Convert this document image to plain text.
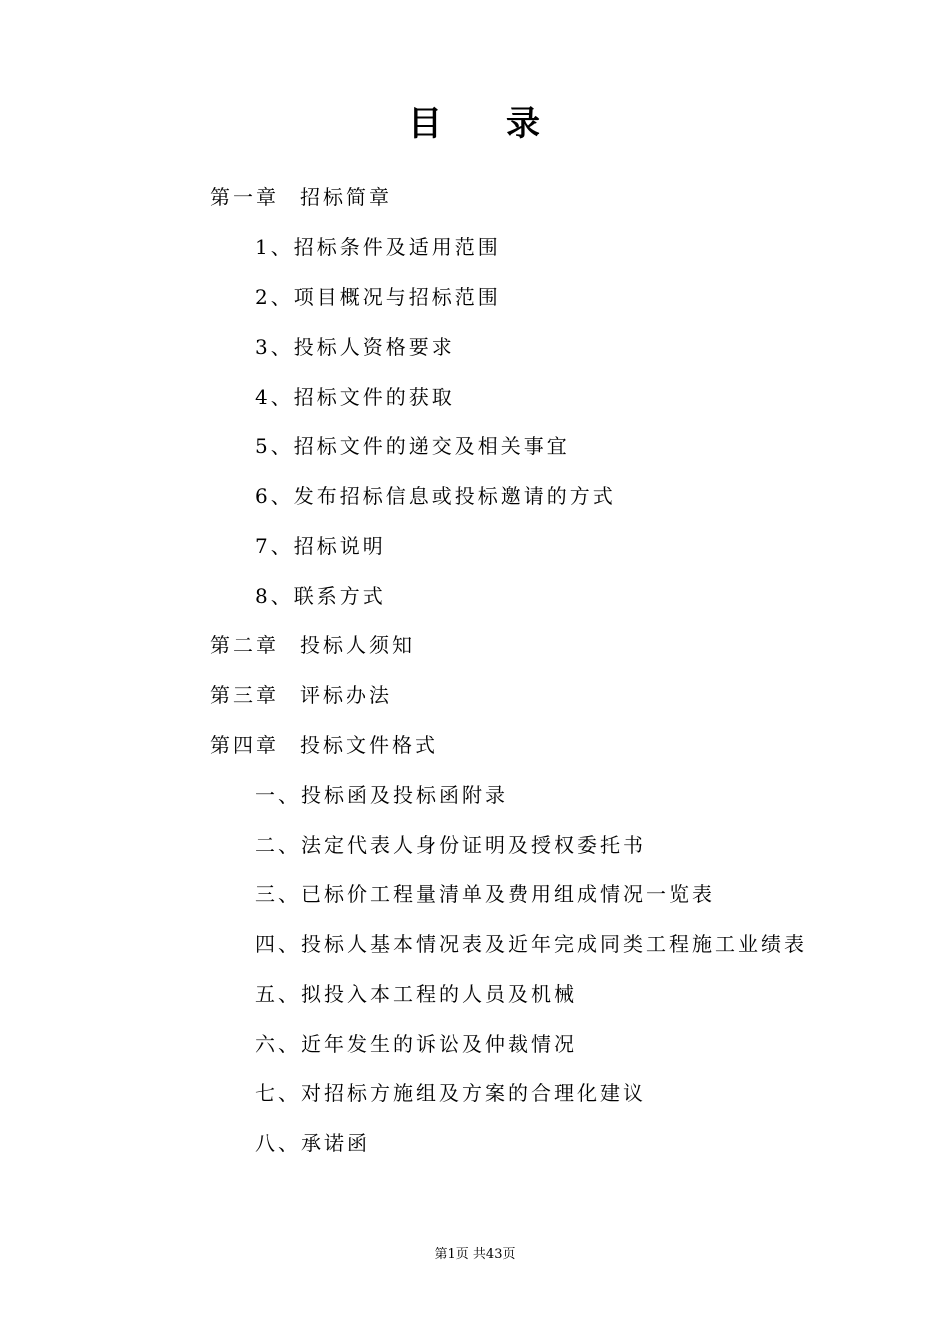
目 录
第一章 招标简章
1、招标条件及适用范围
2、项目概况与招标范围
3、投标人资格要求
4、招标文件的获取
5、招标文件的递交及相关事宜
6、发布招标信息或投标邀请的方式
7、招标说明
8、联系方式
第二章 投标人须知
第三章 评标办法
第四章 投标文件格式
一、投标函及投标函附录
二、法定代表人身份证明及授权委托书
三、已标价工程量清单及费用组成情况一览表
四、投标人基本情况表及近年完成同类工程施工业绩表
五、拟投入本工程的人员及机械
六、近年发生的诉讼及仲裁情况
七、对招标方施组及方案的合理化建议
八、承诺函
第1页 共43页
